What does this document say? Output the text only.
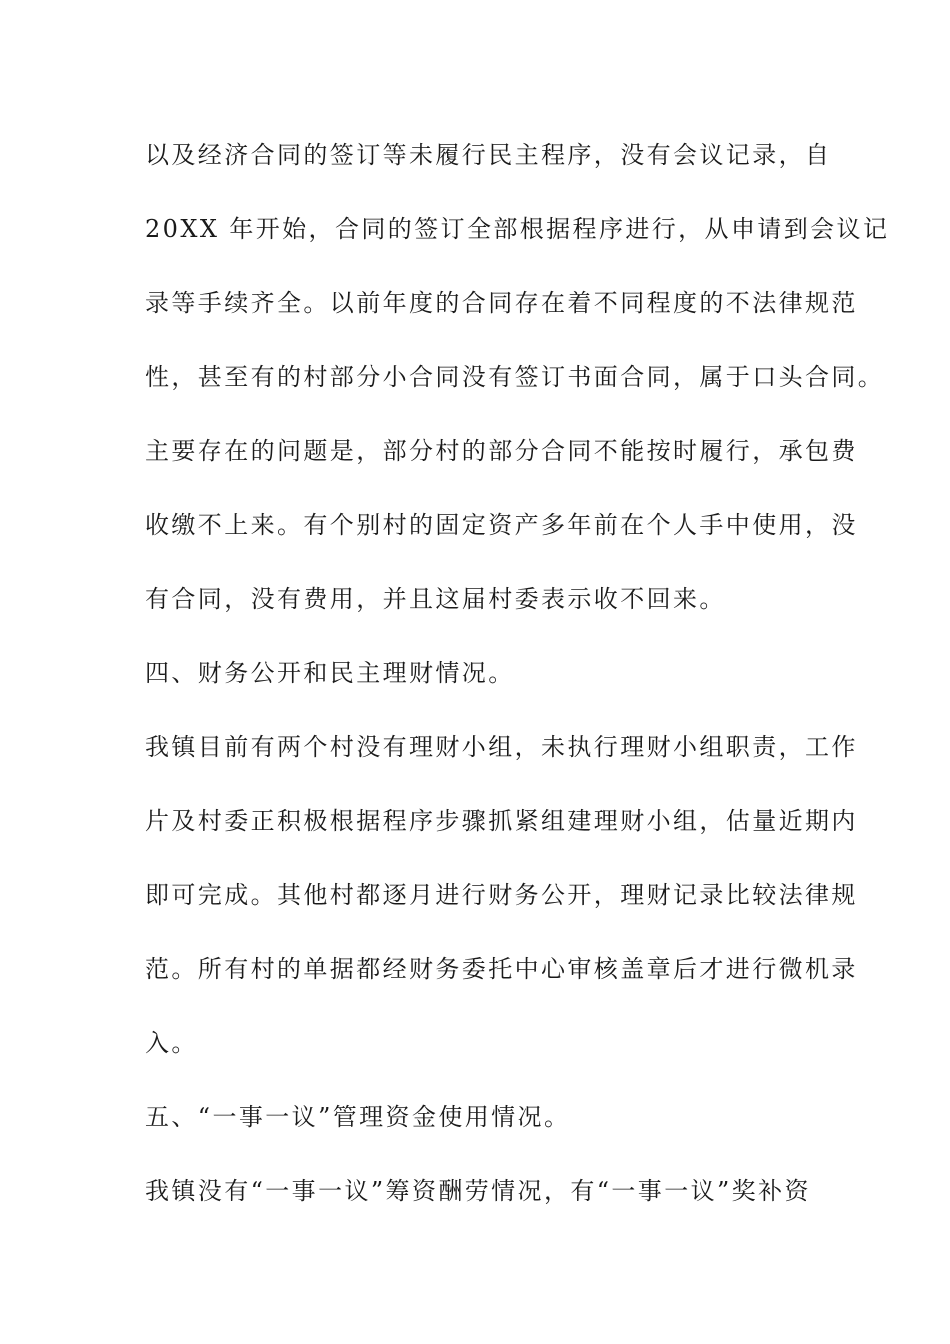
以及经济合同的签订等未履行民主程序，没有会议记录，自
20XX 年开始，合同的签订全部根据程序进行，从申请到会议记
录等手续齐全。以前年度的合同存在着不同程度的不法律规范
性，甚至有的村部分小合同没有签订书面合同，属于口头合同。
主要存在的问题是，部分村的部分合同不能按时履行，承包费
收缴不上来。有个别村的固定资产多年前在个人手中使用，没
有合同，没有费用，并且这届村委表示收不回来。
四、财务公开和民主理财情况。
我镇目前有两个村没有理财小组，未执行理财小组职责，工作
片及村委正积极根据程序步骤抓紧组建理财小组，估量近期内
即可完成。其他村都逐月进行财务公开，理财记录比较法律规
范。所有村的单据都经财务委托中心审核盖章后才进行微机录
入。
五、“一事一议”管理资金使用情况。
我镇没有“一事一议”筹资酬劳情况，有“一事一议”奖补资
